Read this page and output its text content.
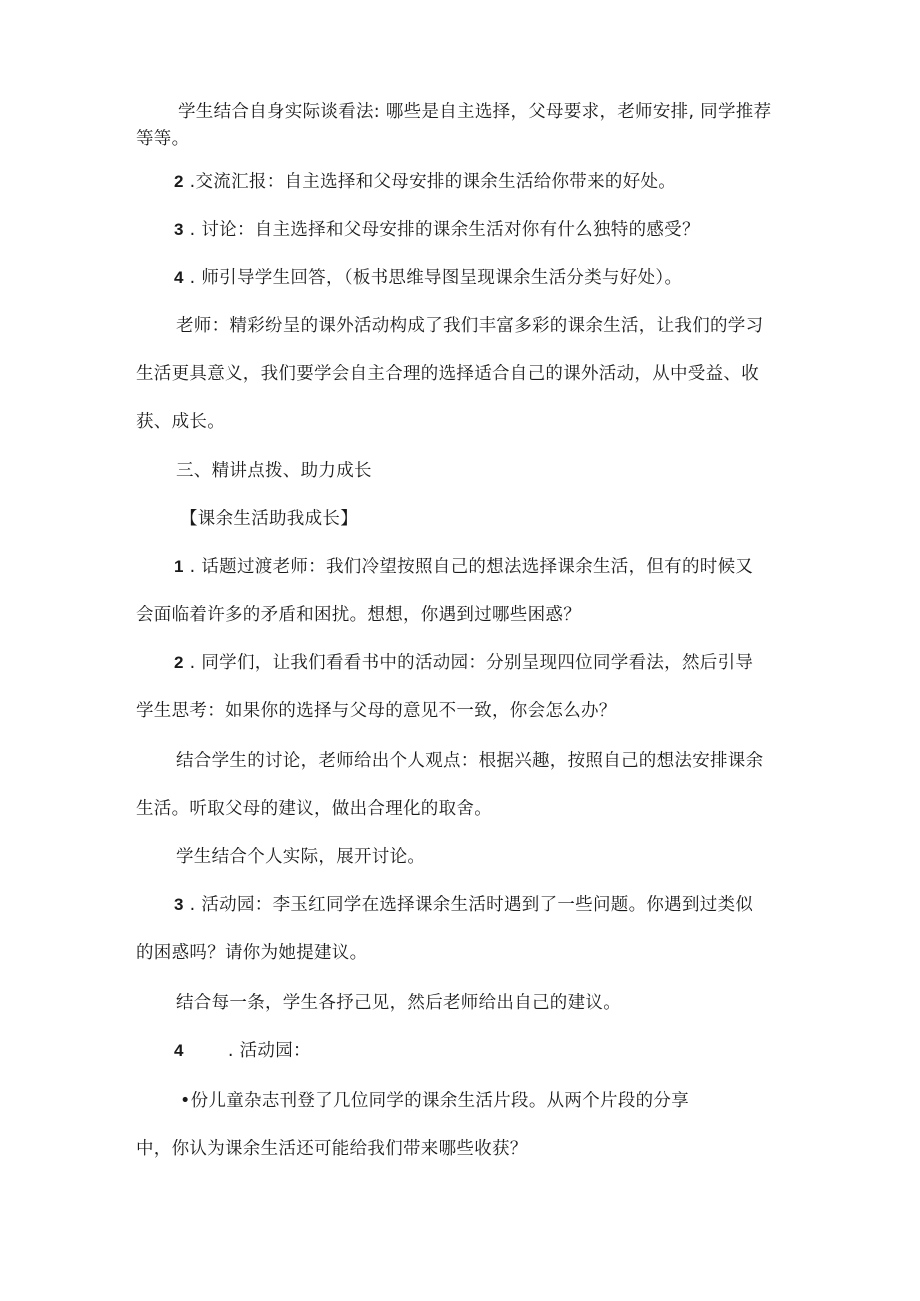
学生结合自身实际谈看法: 哪些是自主选择，父母要求，老师安排, 同学推荐
等等。
2 .交流汇报：自主选择和父母安排的课余生活给你带来的好处。
3 . 讨论：自主选择和父母安排的课余生活对你有什么独特的感受？
4 . 师引导学生回答，（板书思维导图呈现课余生活分类与好处）。
老师：精彩纷呈的课外活动构成了我们丰富多彩的课余生活，让我们的学习
生活更具意义，我们要学会自主合理的选择适合自己的课外活动，从中受益、收
获、成长。
三、精讲点拨、助力成长
【课余生活助我成长】
1 . 话题过渡老师：我们冷望按照自己的想法选择课余生活，但有的时候又
会面临着许多的矛盾和困扰。想想，你遇到过哪些困惑？
2 . 同学们，让我们看看书中的活动园：分别呈现四位同学看法，然后引导
学生思考：如果你的选择与父母的意见不一致，你会怎么办？
结合学生的讨论，老师给出个人观点：根据兴趣，按照自己的想法安排课余
生活。听取父母的建议，做出合理化的取舍。
学生结合个人实际，展开讨论。
3 . 活动园：李玉红同学在选择课余生活时遇到了一些问题。你遇到过类似
的困惑吗？请你为她提建议。
结合每一条，学生各抒己见，然后老师给出自己的建议。
4	. 活动园：
•份儿童杂志刊登了几位同学的课余生活片段。从两个片段的分享
中，你认为课余生活还可能给我们带来哪些收获？
